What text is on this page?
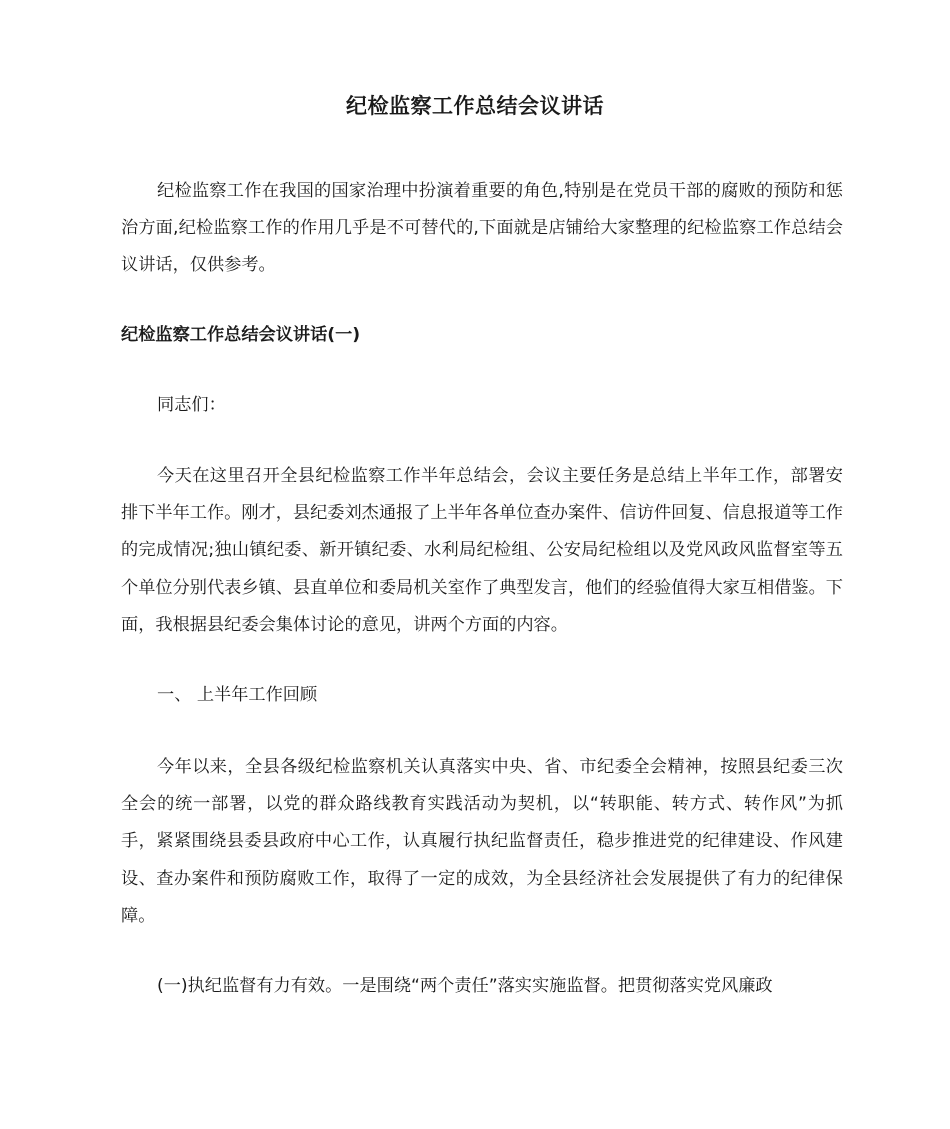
纪检监察工作总结会议讲话
纪检监察工作在我国的国家治理中扮演着重要的角色,特别是在党员干部的腐败的预防和惩治方面,纪检监察工作的作用几乎是不可替代的,下面就是店铺给大家整理的纪检监察工作总结会议讲话，仅供参考。
纪检监察工作总结会议讲话(一)
同志们：
今天在这里召开全县纪检监察工作半年总结会，会议主要任务是总结上半年工作，部署安排下半年工作。刚才，县纪委刘杰通报了上半年各单位查办案件、信访件回复、信息报道等工作的完成情况;独山镇纪委、新开镇纪委、水利局纪检组、公安局纪检组以及党风政风监督室等五个单位分别代表乡镇、县直单位和委局机关室作了典型发言，他们的经验值得大家互相借鉴。下面，我根据县纪委会集体讨论的意见，讲两个方面的内容。
一、 上半年工作回顾
今年以来，全县各级纪检监察机关认真落实中央、省、市纪委全会精神，按照县纪委三次全会的统一部署，以党的群众路线教育实践活动为契机，以“转职能、转方式、转作风”为抓手，紧紧围绕县委县政府中心工作，认真履行执纪监督责任，稳步推进党的纪律建设、作风建设、查办案件和预防腐败工作，取得了一定的成效，为全县经济社会发展提供了有力的纪律保障。
(一)执纪监督有力有效。一是围绕“两个责任”落实实施监督。把贯彻落实党风廉政
